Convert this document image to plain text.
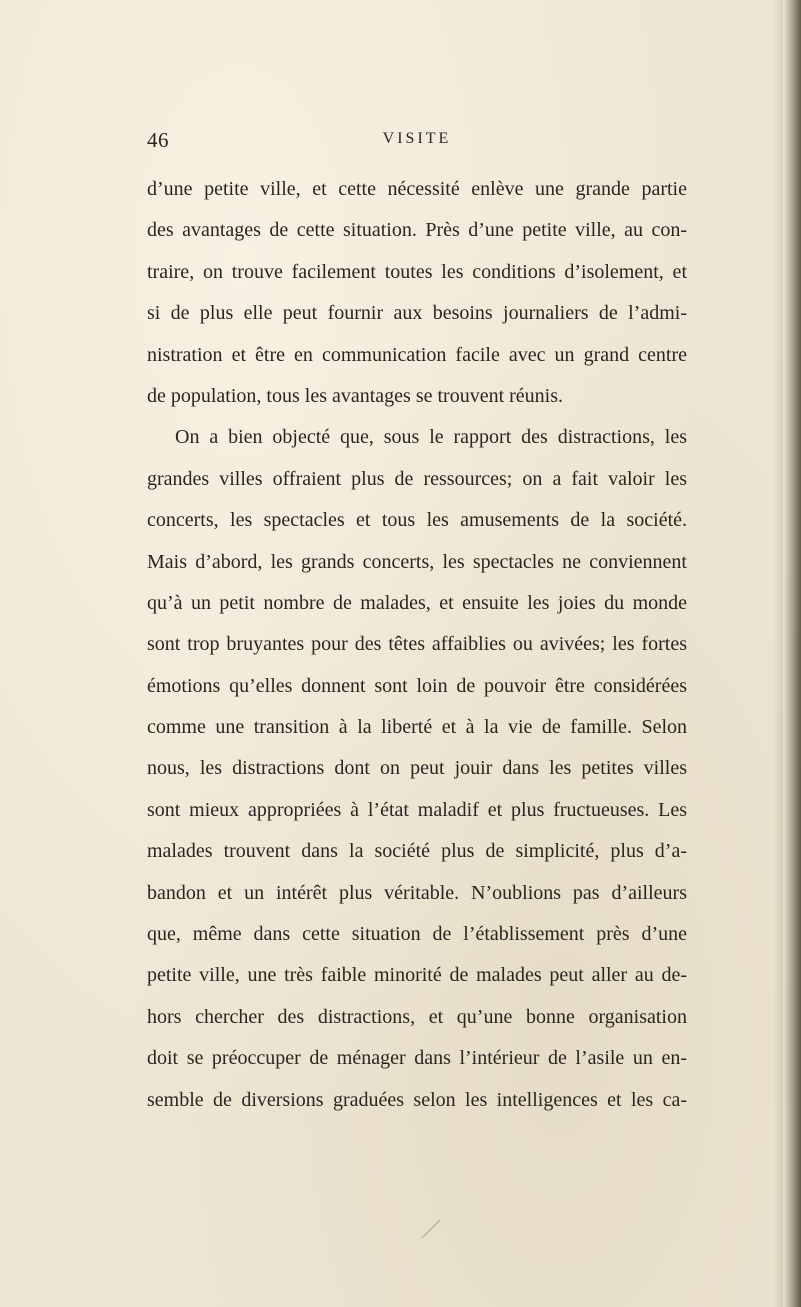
46	VISITE
d’une petite ville, et cette nécessité enlève une grande partie
des avantages de cette situation. Près d’une petite ville, au con-
traire, on trouve facilement toutes les conditions d’isolement, et
si de plus elle peut fournir aux besoins journaliers de l’admi-
nistration et être en communication facile avec un grand centre
de population, tous les avantages se trouvent réunis.
On a bien objecté que, sous le rapport des distractions, les
grandes villes offraient plus de ressources; on a fait valoir les
concerts, les spectacles et tous les amusements de la société.
Mais d’abord, les grands concerts, les spectacles ne conviennent
qu’à un petit nombre de malades, et ensuite les joies du monde
sont trop bruyantes pour des têtes affaiblies ou avivées; les fortes
émotions qu’elles donnent sont loin de pouvoir être considérées
comme une transition à la liberté et à la vie de famille. Selon
nous, les distractions dont on peut jouir dans les petites villes
sont mieux appropriées à l’état maladif et plus fructueuses. Les
malades trouvent dans la société plus de simplicité, plus d’a-
bandon et un intérêt plus véritable. N’oublions pas d’ailleurs
que, même dans cette situation de l’établissement près d’une
petite ville, une très faible minorité de malades peut aller au de-
hors chercher des distractions, et qu’une bonne organisation
doit se préoccuper de ménager dans l’intérieur de l’asile un en-
semble de diversions graduées selon les intelligences et les ca-
